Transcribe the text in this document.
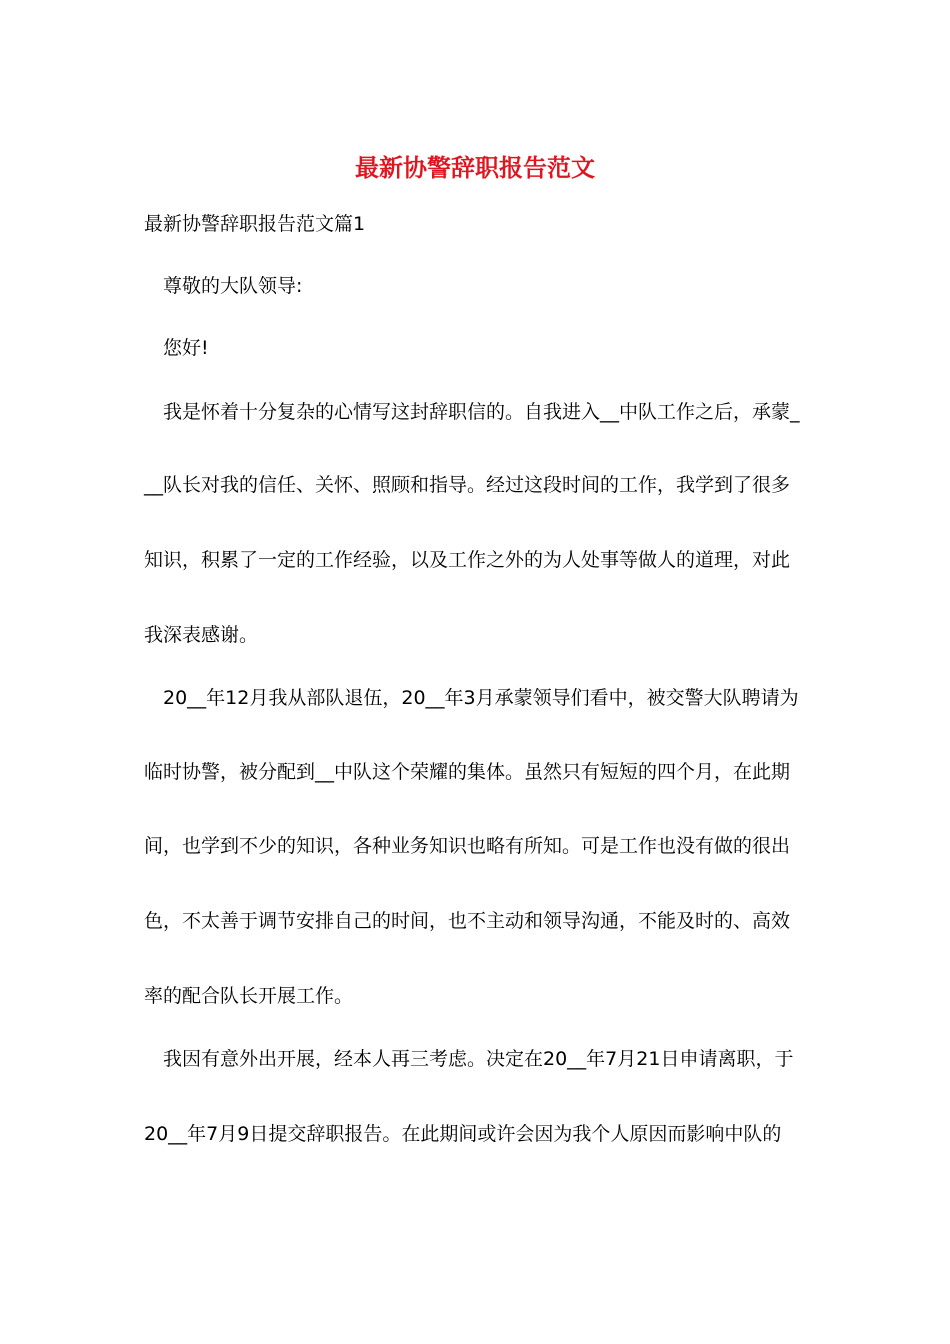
最新协警辞职报告范文
最新协警辞职报告范文篇1
尊敬的大队领导:
您好!
我是怀着十分复杂的心情写这封辞职信的。自我进入__中队工作之后，承蒙_
__队长对我的信任、关怀、照顾和指导。经过这段时间的工作，我学到了很多
知识，积累了一定的工作经验，以及工作之外的为人处事等做人的道理，对此
我深表感谢。
20__年12月我从部队退伍，20__年3月承蒙领导们看中，被交警大队聘请为
临时协警，被分配到__中队这个荣耀的集体。虽然只有短短的四个月，在此期
间，也学到不少的知识，各种业务知识也略有所知。可是工作也没有做的很出
色，不太善于调节安排自己的时间，也不主动和领导沟通，不能及时的、高效
率的配合队长开展工作。
我因有意外出开展，经本人再三考虑。决定在20__年7月21日申请离职，于
20__年7月9日提交辞职报告。在此期间或许会因为我个人原因而影响中队的
